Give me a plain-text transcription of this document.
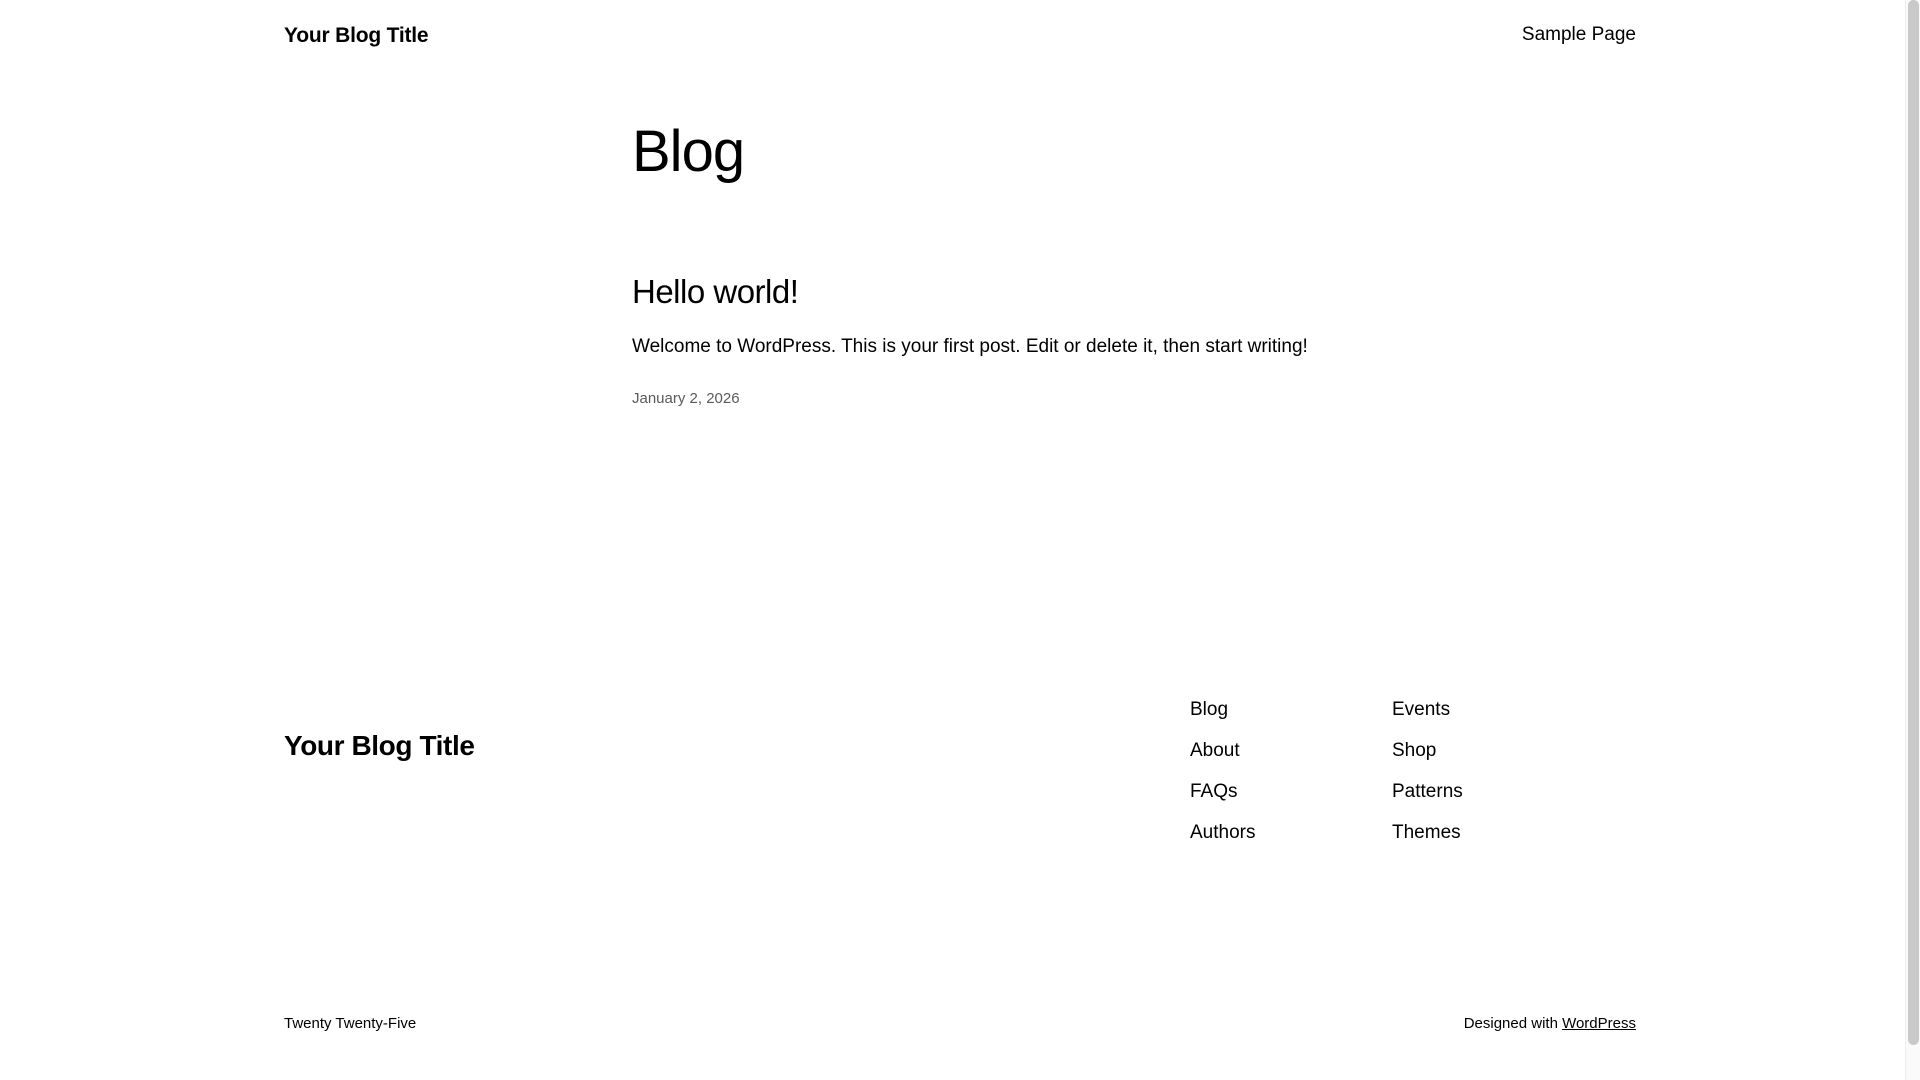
Your Blog Title	Sample Page
Blog
Hello world!

Welcome to WordPress. This is your first post. Edit or delete it, then start writing!

January 2, 2026
Your Blog Title
Blog
About
FAQs
Authors
Events
Shop
Patterns
Themes
Twenty Twenty-Five	Designed with WordPress
